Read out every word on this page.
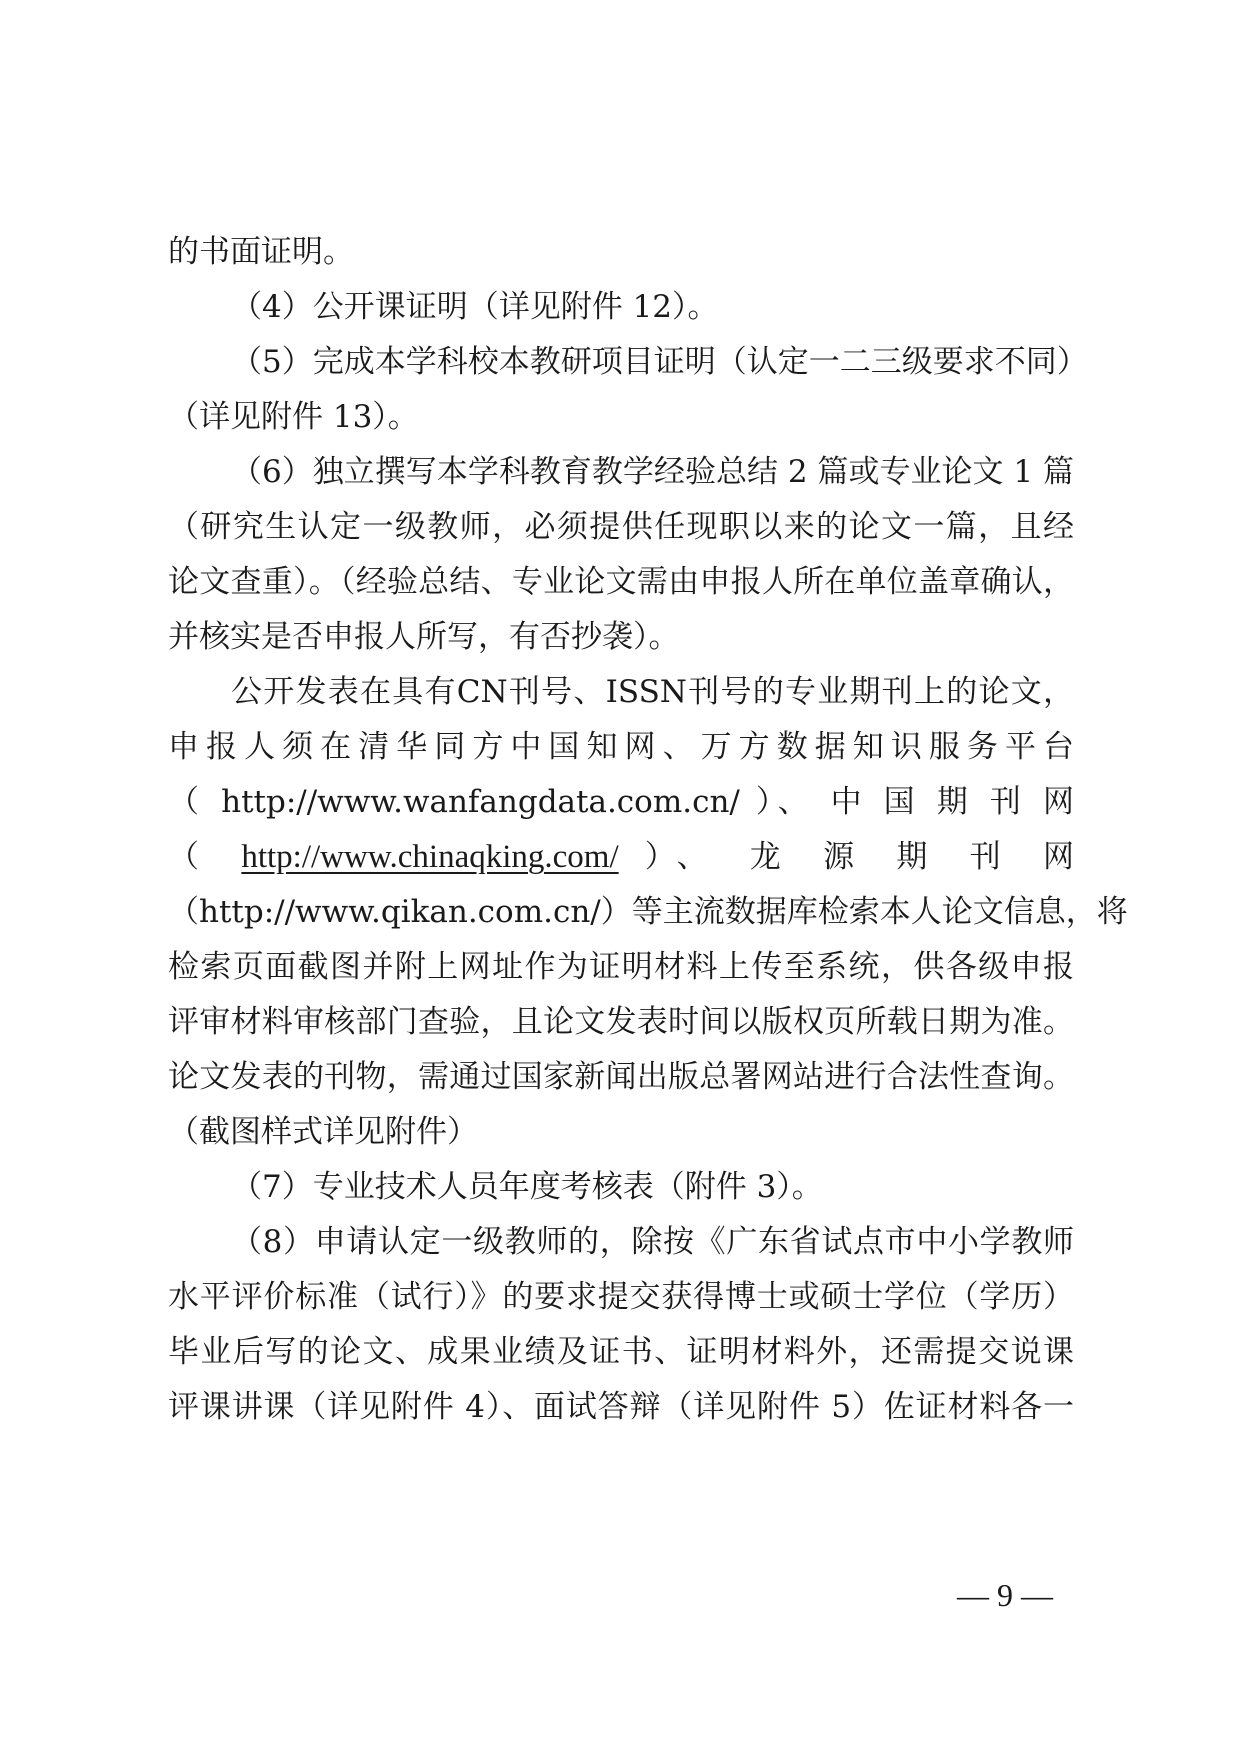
的书面证明。
（4）公开课证明（详见附件 12）。
（5）完成本学科校本教研项目证明（认定一二三级要求不同）
（详见附件 13）。
（6）独立撰写本学科教育教学经验总结 2 篇或专业论文 1 篇
（研究生认定一级教师，必须提供任现职以来的论文一篇，且经
论文查重）。（经验总结、专业论文需由申报人所在单位盖章确认，
并核实是否申报人所写，有否抄袭）。
公开发表在具有CN刊号、ISSN刊号的专业期刊上的论文，
申报人须在清华同方中国知网、万方数据知识服务平台
（ http://www.wanfangdata.com.cn/ ）、 中 国 期 刊 网
（ http://www.chinaqking.com/ ）、 龙 源 期 刊 网
（http://www.qikan.com.cn/）等主流数据库检索本人论文信息，将
检索页面截图并附上网址作为证明材料上传至系统，供各级申报
评审材料审核部门查验，且论文发表时间以版权页所载日期为准。
论文发表的刊物，需通过国家新闻出版总署网站进行合法性查询。
（截图样式详见附件）
（7）专业技术人员年度考核表（附件 3）。
（8）申请认定一级教师的，除按《广东省试点市中小学教师
水平评价标准（试行）》的要求提交获得博士或硕士学位（学历）
毕业后写的论文、成果业绩及证书、证明材料外，还需提交说课
评课讲课（详见附件 4）、面试答辩（详见附件 5）佐证材料各一
— 9 —
